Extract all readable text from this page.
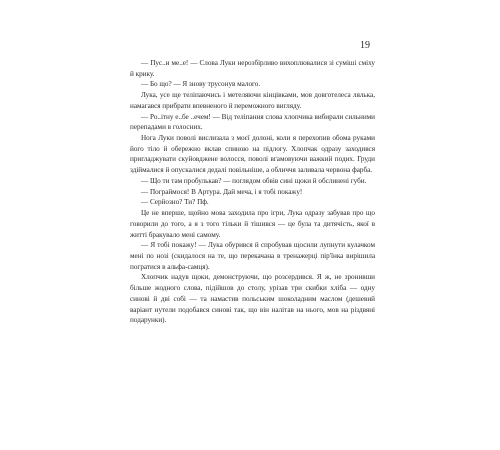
19

— Пус..и ме..е! — Слова Луки нерозбірливо вихоплювалися зі суміші сміху й крику.

— Бо що? — Я знову трусонув малого.

Лука, усе ще теліпаючись і метеляючи кінцівками, мов довготелеса лялька, намагався прибрати впевненого й переможного вигляду.

— Ро..ітну е..бе ..ечем! — Від теліпання слова хлопчика вибирали сильними перепадами в голосних.

Нога Луки поволі вислизала з моєї долоні, коли я перехопив обома руками його тіло й обережно вклав спиною на підлогу. Хлопчак одразу заходився пригладжувати скуйовджене волосся, поволі вгамовуючи важкий подих. Груди здіймалися й опускалися дедалі повільніше, а обличчя заливала червона фарба.

— Що ти там пробулькав? — поглядом обвів сині щоки й обслинені губи.

— Пограймося! В Артура. Дай меча, і я тобі покажу!

— Серйозно? Ти? Пф.

Це не вперше, щойно мова заходила про ігри, Лука одразу забував про що говорили до того, а я з того тільки й тішився — це була та дитячість, якої в житті бракувало мені самому.

— Я тобі покажу! — Лука обурився й спробував щосили лупнути кулачком мені по нозі (скидалося на те, що перекачана в тренажерці пір'їнка вирішила погратися в альфа-самця).

Хлопчик надув щоки, демонструючи, що розсердився. Я ж, не зронивши більше жодного слова, підійшов до столу, урізав три скибки хліба — одну синові й дві собі — та намастив польським шоколадним маслом (дешевий варіант нутели подобався синові так, що він налітав на нього, мов на різдвяні подарунки).
